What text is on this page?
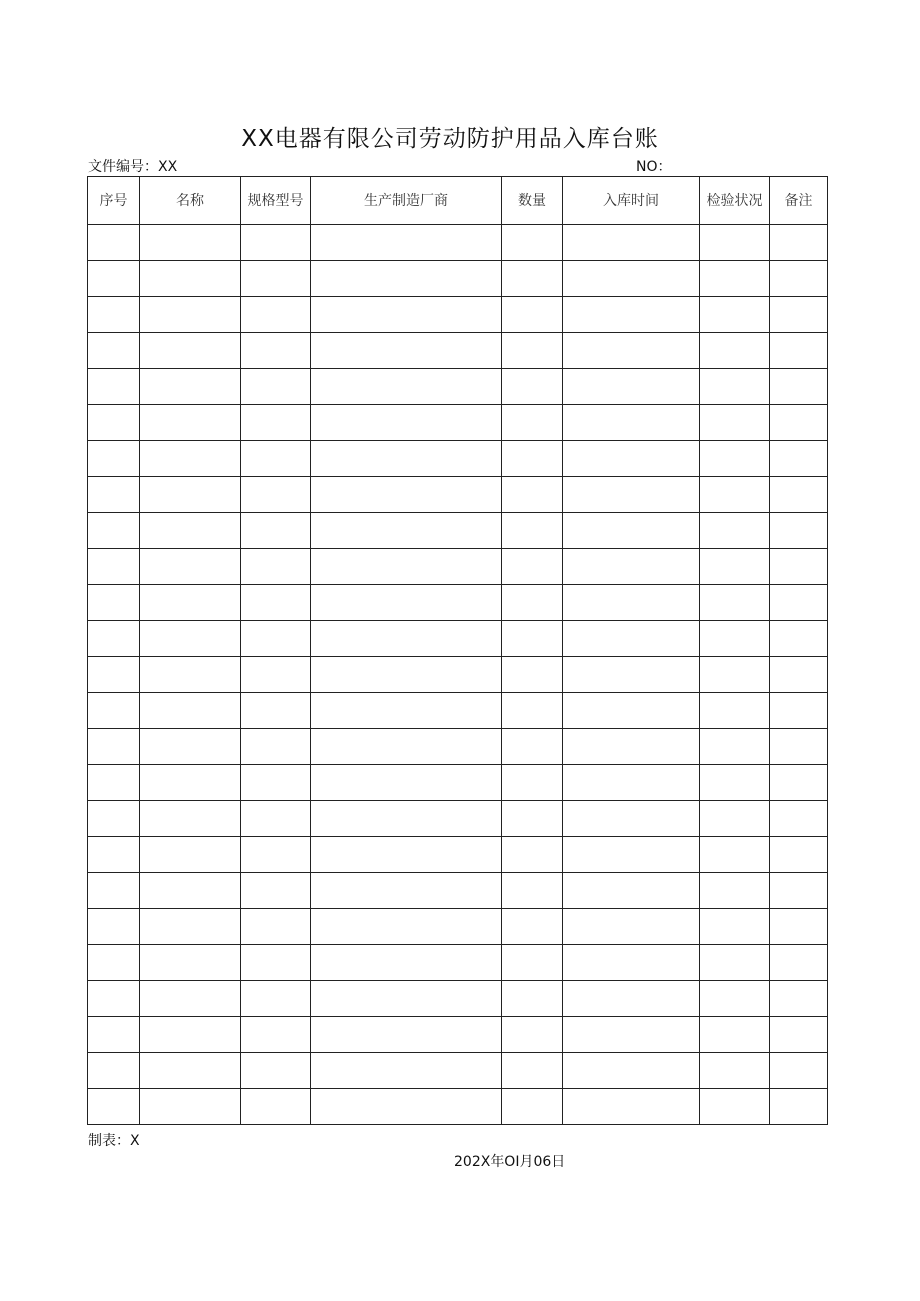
XX电器有限公司劳动防护用品入库台账
文件编号：XX	NO：
序号	名称	规格型号	生产制造厂商	数量	入库时间	检验状况	备注

制表：X
202X年OI月06日
